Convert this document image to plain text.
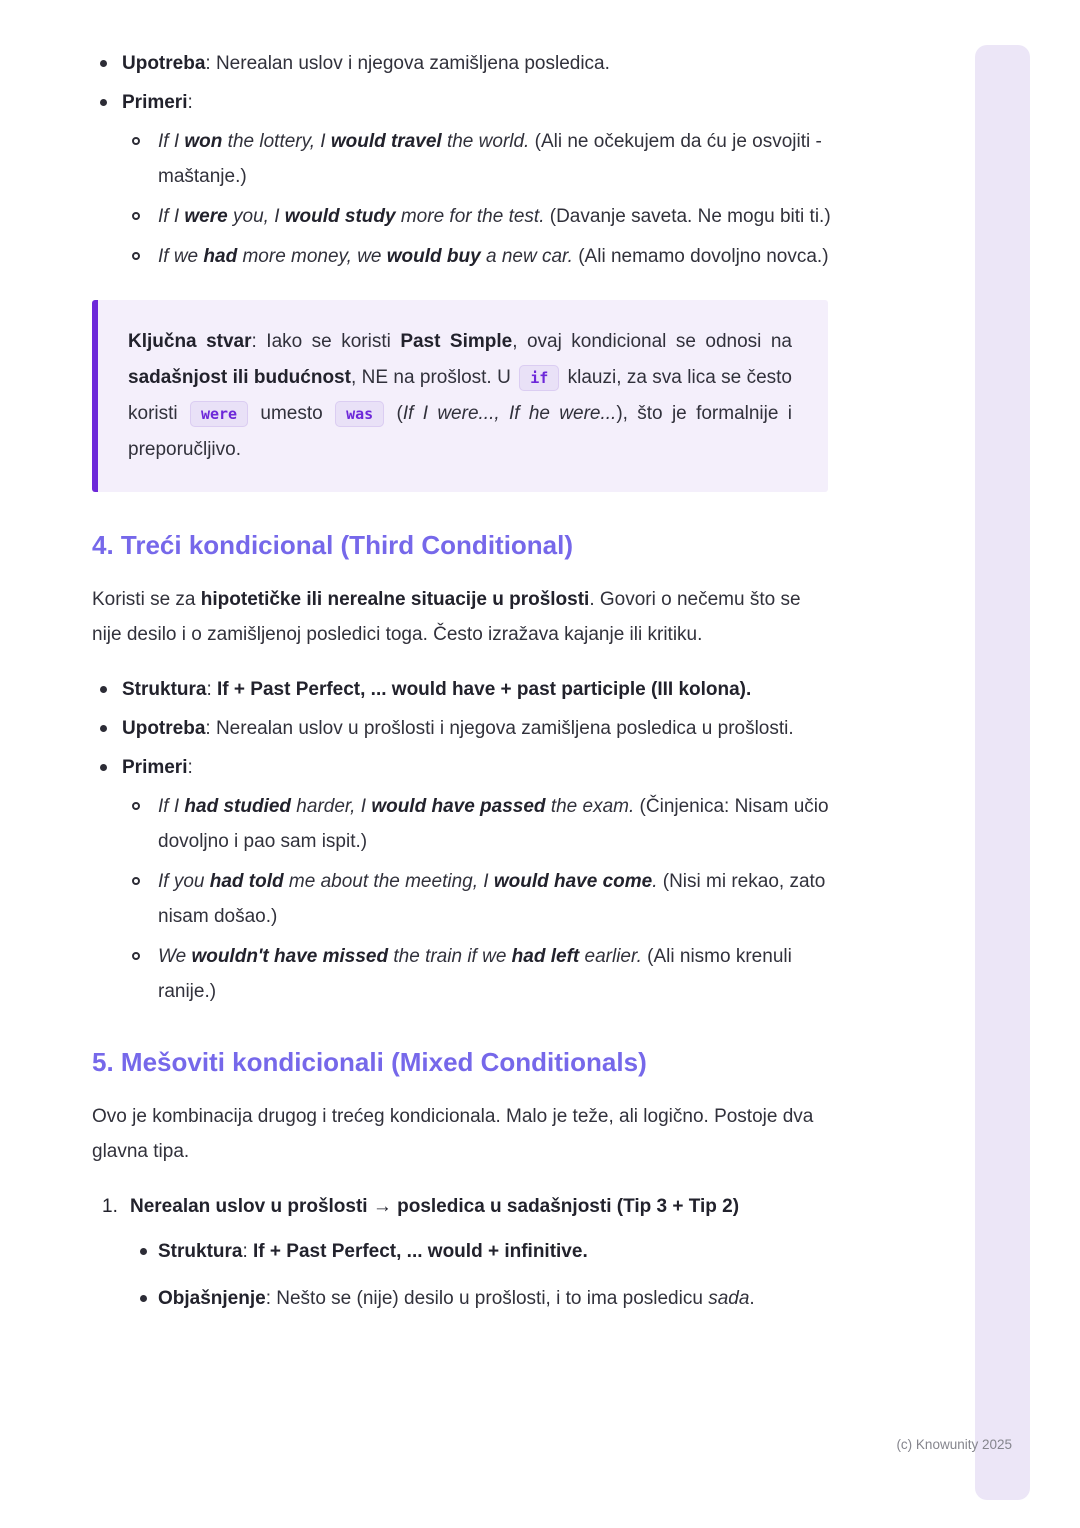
Upotreba: Nerealan uslov i njegova zamišljena posledica.
Primeri:
If I won the lottery, I would travel the world. (Ali ne očekujem da ću je osvojiti - maštanje.)
If I were you, I would study more for the test. (Davanje saveta. Ne mogu biti ti.)
If we had more money, we would buy a new car. (Ali nemamo dovoljno novca.)
Ključna stvar: Iako se koristi Past Simple, ovaj kondicional se odnosi na sadašnjost ili budućnost, NE na prošlost. U if klauzi, za sva lica se često koristi were umesto was (If I were..., If he were...), što je formalnije i preporučljivo.
4. Treći kondicional (Third Conditional)

Koristi se za hipotetičke ili nerealne situacije u prošlosti. Govori o nečemu što se nije desilo i o zamišljenoj posledici toga. Često izražava kajanje ili kritiku.

Struktura: If + Past Perfect, ... would have + past participle (III kolona).
Upotreba: Nerealan uslov u prošlosti i njegova zamišljena posledica u prošlosti.
Primeri:
If I had studied harder, I would have passed the exam. (Činjenica: Nisam učio dovoljno i pao sam ispit.)
If you had told me about the meeting, I would have come. (Nisi mi rekao, zato nisam došao.)
We wouldn't have missed the train if we had left earlier. (Ali nismo krenuli ranije.)
5. Mešoviti kondicionali (Mixed Conditionals)

Ovo je kombinacija drugog i trećeg kondicionala. Malo je teže, ali logično. Postoje dva glavna tipa.

1. Nerealan uslov u prošlosti → posledica u sadašnjosti (Tip 3 + Tip 2)
Struktura: If + Past Perfect, ... would + infinitive.
Objašnjenje: Nešto se (nije) desilo u prošlosti, i to ima posledicu sada.
(c) Knowunity 2025
